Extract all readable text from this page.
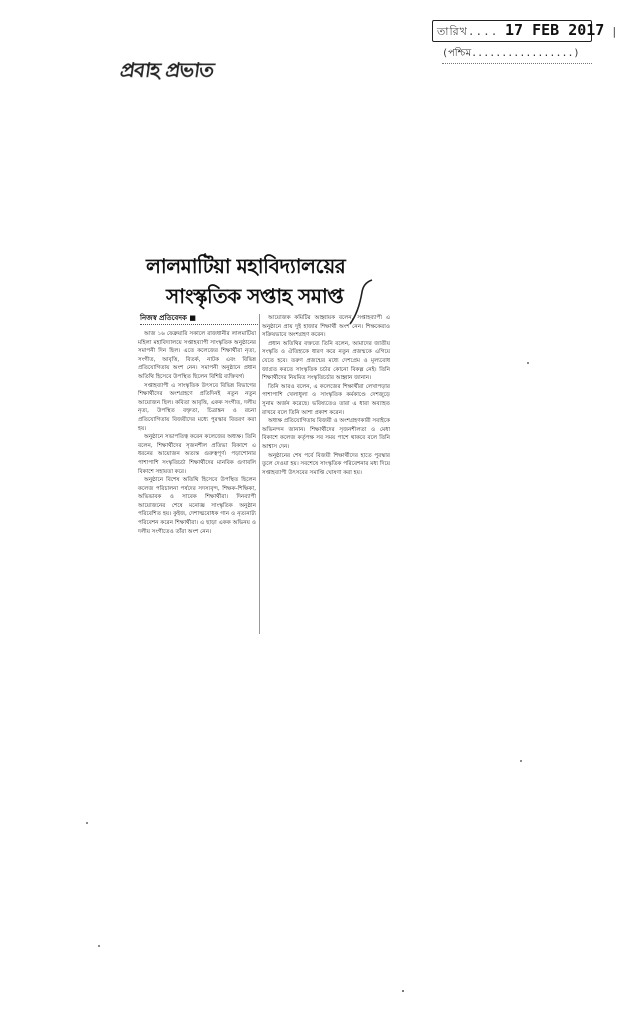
প্রবাহ প্রভাত
তারিখ.... 17 FEB 2017 |
(পশ্চিম.................)
লালমাটিয়া মহাবিদ্যালয়ের
সাংস্কৃতিক সপ্তাহ সমাপ্ত
নিজস্ব প্রতিবেদক ■

আজ ১৬ ফেব্রুয়ারি সকালে রাজধানীর লালমাটিয়া মহিলা মহাবিদ্যালয়ে সপ্তাহব্যাপী সাংস্কৃতিক অনুষ্ঠানের সমাপনী দিন ছিল। এতে কলেজের শিক্ষার্থীরা নৃত্য, সংগীত, আবৃত্তি, বিতর্ক, নাটক এবং বিভিন্ন প্রতিযোগিতায় অংশ নেন। সমাপনী অনুষ্ঠানে প্রধান অতিথি হিসেবে উপস্থিত ছিলেন বিশিষ্ট ব্যক্তিবর্গ।

সপ্তাহব্যাপী এ সাংস্কৃতিক উৎসবে বিভিন্ন বিভাগের শিক্ষার্থীদের অংশগ্রহণে প্রতিদিনই নতুন নতুন আয়োজন ছিল। কবিতা আবৃত্তি, একক সংগীত, দলীয় নৃত্য, উপস্থিত বক্তৃতা, চিত্রাঙ্কন ও রচনা প্রতিযোগিতায় বিজয়ীদের মধ্যে পুরস্কার বিতরণ করা হয়।

অনুষ্ঠানে সভাপতিত্ব করেন কলেজের অধ্যক্ষ। তিনি বলেন, শিক্ষার্থীদের সৃজনশীল প্রতিভা বিকাশে এ ধরনের আয়োজন অত্যন্ত গুরুত্বপূর্ণ। পড়াশোনার পাশাপাশি সংস্কৃতিচর্চা শিক্ষার্থীদের মানবিক গুণাবলি বিকাশে সহায়তা করে।

অনুষ্ঠানে বিশেষ অতিথি হিসেবে উপস্থিত ছিলেন কলেজ পরিচালনা পর্ষদের সদস্যবৃন্দ, শিক্ষক-শিক্ষিকা, অভিভাবক ও সাবেক শিক্ষার্থীরা। দিনব্যাপী আয়োজনের শেষে মনোজ্ঞ সাংস্কৃতিক অনুষ্ঠান পরিবেশিত হয়। কুইজ, দেশাত্মবোধক গান ও নৃত্যনাট্য পরিবেশন করেন শিক্ষার্থীরা। এ ছাড়া একক অভিনয় ও দলীয় সংগীতেও তাঁরা অংশ নেন।

আয়োজক কমিটির আহ্বায়ক বলেন, সপ্তাহব্যাপী এ অনুষ্ঠানে প্রায় দুই হাজার শিক্ষার্থী অংশ নেন। শিক্ষকেরাও সক্রিয়ভাবে অংশগ্রহণ করেন।

প্রধান অতিথির বক্তব্যে তিনি বলেন, আমাদের জাতীয় সংস্কৃতি ও ঐতিহ্যকে ধারণ করে নতুন প্রজন্মকে এগিয়ে যেতে হবে। তরুণ প্রজন্মের মধ্যে দেশপ্রেম ও মূল্যবোধ জাগ্রত করতে সাংস্কৃতিক চর্চার কোনো বিকল্প নেই। তিনি শিক্ষার্থীদের নিয়মিত সংস্কৃতিচর্চার আহ্বান জানান।

তিনি আরও বলেন, এ কলেজের শিক্ষার্থীরা লেখাপড়ার পাশাপাশি খেলাধুলা ও সাংস্কৃতিক কর্মকাণ্ডে দেশজুড়ে সুনাম অর্জন করেছে। ভবিষ্যতেও তারা এ ধারা অব্যাহত রাখবে বলে তিনি আশা প্রকাশ করেন।

অধ্যক্ষ প্রতিযোগিতায় বিজয়ী ও অংশগ্রহণকারী সবাইকে অভিনন্দন জানান। শিক্ষার্থীদের সৃজনশীলতা ও মেধা বিকাশে কলেজ কর্তৃপক্ষ সব সময় পাশে থাকবে বলে তিনি আশ্বাস দেন।

অনুষ্ঠানের শেষ পর্বে বিজয়ী শিক্ষার্থীদের হাতে পুরস্কার তুলে দেওয়া হয়। সবশেষে সাংস্কৃতিক পরিবেশনার মধ্য দিয়ে সপ্তাহব্যাপী উৎসবের সমাপ্তি ঘোষণা করা হয়।
